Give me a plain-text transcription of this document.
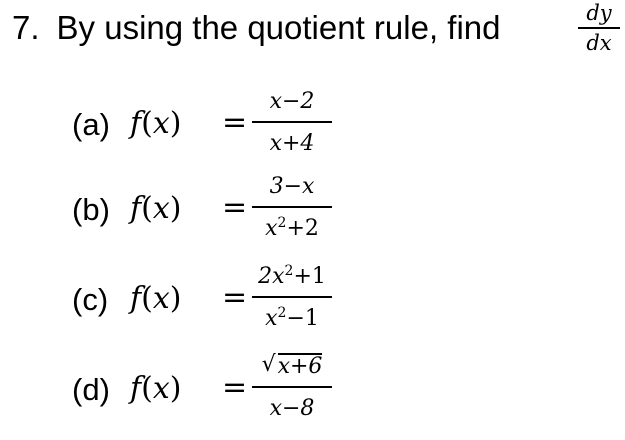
7. By using the quotient rule, find	dy
dx
(a) f(x) =
x−2
x+4
(b) f(x) =
3−x
$x^2+2$
(c) f(x) =
$2x^2+1$
$x^2-1$
(d) f(x) =
√ x+6
x−8
